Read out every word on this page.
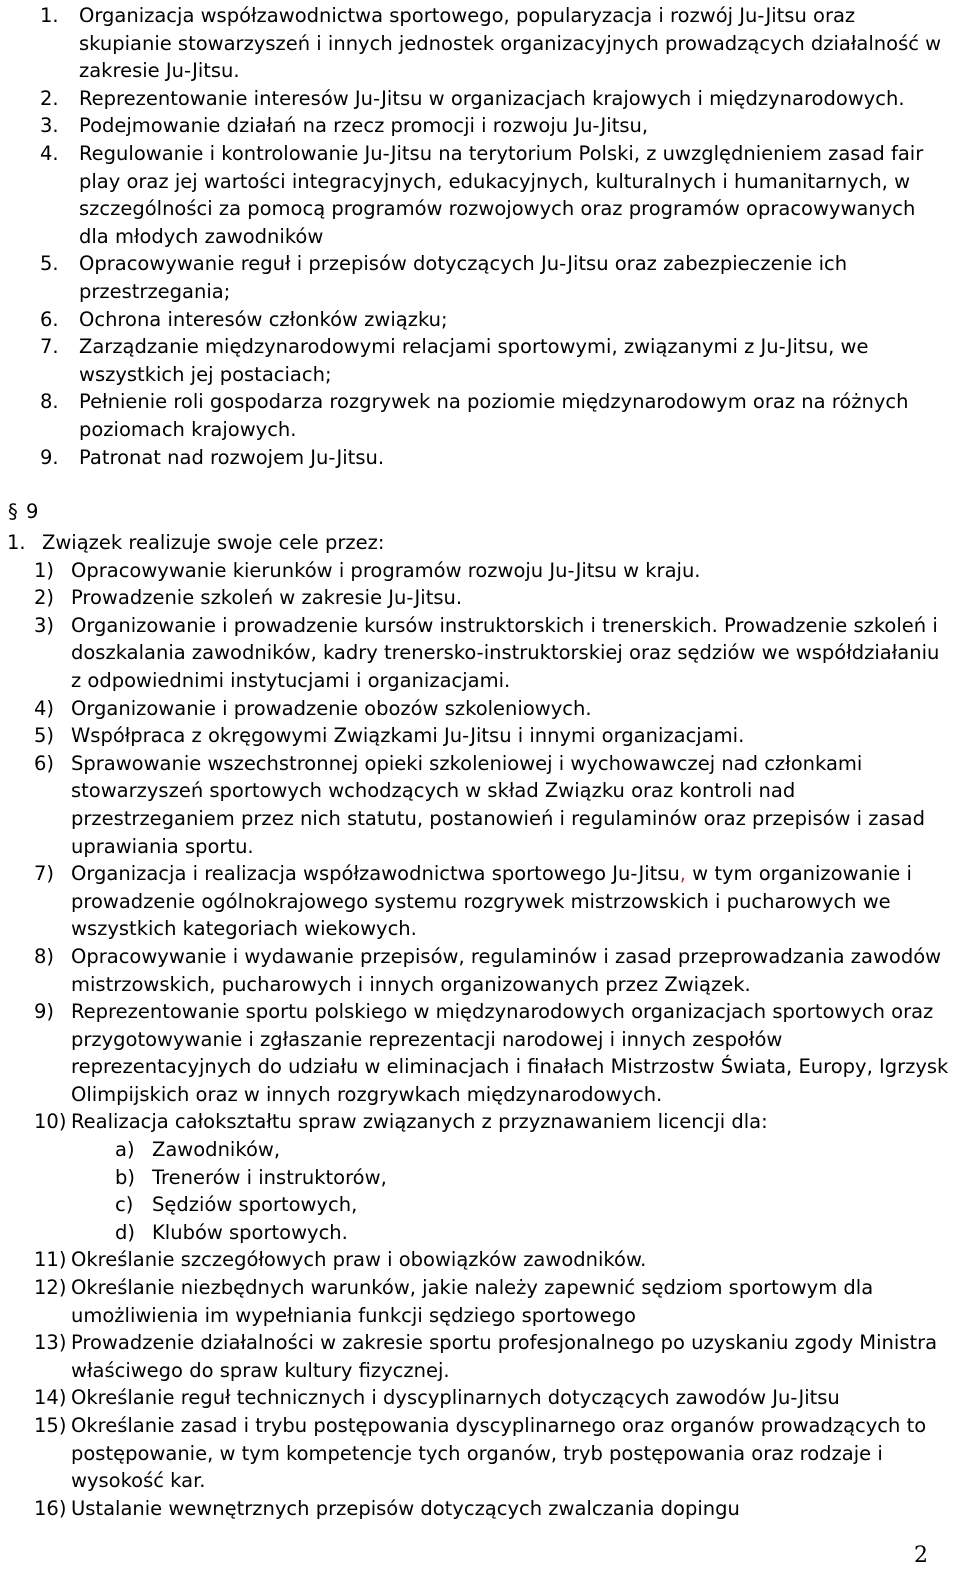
1. Organizacja współzawodnictwa sportowego, popularyzacja i rozwój Ju-Jitsu oraz skupianie stowarzyszeń i innych jednostek organizacyjnych prowadzących działalność w zakresie Ju-Jitsu.
2. Reprezentowanie interesów Ju-Jitsu w organizacjach krajowych i międzynarodowych.
3. Podejmowanie działań na rzecz promocji i rozwoju Ju-Jitsu,
4. Regulowanie i kontrolowanie Ju-Jitsu na terytorium Polski, z uwzględnieniem zasad fair play oraz jej wartości integracyjnych, edukacyjnych, kulturalnych i humanitarnych, w szczególności za pomocą programów rozwojowych oraz programów opracowywanych dla młodych zawodników
5. Opracowywanie reguł i przepisów dotyczących Ju-Jitsu oraz zabezpieczenie ich przestrzegania;
6. Ochrona interesów członków związku;
7. Zarządzanie międzynarodowymi relacjami sportowymi, związanymi z Ju-Jitsu, we wszystkich jej postaciach;
8. Pełnienie roli gospodarza rozgrywek na poziomie międzynarodowym oraz na różnych poziomach krajowych.
9. Patronat nad rozwojem Ju-Jitsu.
§ 9
1. Związek realizuje swoje cele przez:
1) Opracowywanie kierunków i programów rozwoju Ju-Jitsu w kraju.
2) Prowadzenie szkoleń w zakresie Ju-Jitsu.
3) Organizowanie i prowadzenie kursów instruktorskich i trenerskich. Prowadzenie szkoleń i doszkalania zawodników, kadry trenersko-instruktorskiej oraz sędziów we współdziałaniu z odpowiednimi instytucjami i organizacjami.
4) Organizowanie i prowadzenie obozów szkoleniowych.
5) Współpraca z okręgowymi Związkami Ju-Jitsu i innymi organizacjami.
6) Sprawowanie wszechstronnej opieki szkoleniowej i wychowawczej nad członkami stowarzyszeń sportowych wchodzących w skład Związku oraz kontroli nad przestrzeganiem przez nich statutu, postanowień i regulaminów oraz przepisów i zasad uprawiania sportu.
7) Organizacja i realizacja współzawodnictwa sportowego Ju-Jitsu, w tym organizowanie i prowadzenie ogólnokrajowego systemu rozgrywek mistrzowskich i pucharowych we wszystkich kategoriach wiekowych.
8) Opracowywanie i wydawanie przepisów, regulaminów i zasad przeprowadzania zawodów mistrzowskich, pucharowych i innych organizowanych przez Związek.
9) Reprezentowanie sportu polskiego w międzynarodowych organizacjach sportowych oraz przygotowywanie i zgłaszanie reprezentacji narodowej i innych zespołów reprezentacyjnych do udziału w eliminacjach i finałach Mistrzostw Świata, Europy, Igrzysk Olimpijskich oraz w innych rozgrywkach międzynarodowych.
10) Realizacja całokształtu spraw związanych z przyznawaniem licencji dla:
a) Zawodników,
b) Trenerów i instruktorów,
c) Sędziów sportowych,
d) Klubów sportowych.
11) Określanie szczegółowych praw i obowiązków zawodników.
12) Określanie niezbędnych warunków, jakie należy zapewnić sędziom sportowym dla umożliwienia im wypełniania funkcji sędziego sportowego
13) Prowadzenie działalności w zakresie sportu profesjonalnego po uzyskaniu zgody Ministra właściwego do spraw kultury fizycznej.
14) Określanie reguł technicznych i dyscyplinarnych dotyczących zawodów Ju-Jitsu
15) Określanie zasad i trybu postępowania dyscyplinarnego oraz organów prowadzących to postępowanie, w tym kompetencje tych organów, tryb postępowania oraz rodzaje i wysokość kar.
16) Ustalanie wewnętrznych przepisów dotyczących zwalczania dopingu
2
